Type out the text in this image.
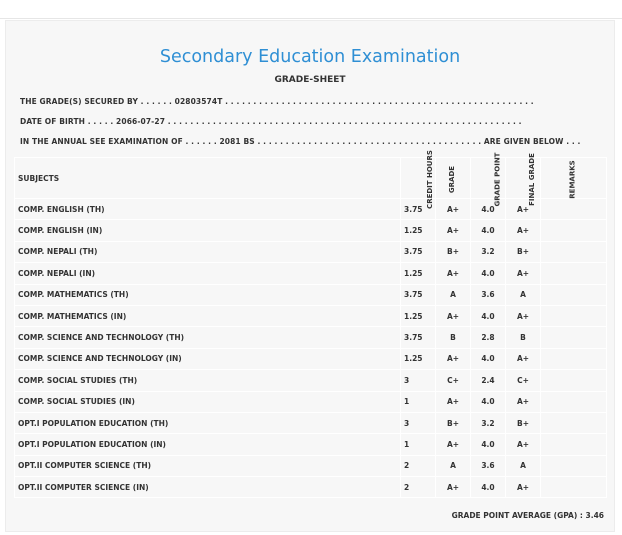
Secondary Education Examination
GRADE-SHEET
THE GRADE(S) SECURED BY . . . . . . 02803574T . . . . . . . . . . . . . . . . . . . . . . . . . . . . . . . . . . . . . . . . . . . . . . . . . . . . . . .
DATE OF BIRTH . . . . . 2066-07-27 . . . . . . . . . . . . . . . . . . . . . . . . . . . . . . . . . . . . . . . . . . . . . . . . . . . . . . . . . . . . . . .
IN THE ANNUAL SEE EXAMINATION OF . . . . . . 2081 BS . . . . . . . . . . . . . . . . . . . . . . . . . . . . . . . . . . . . . . . . ARE GIVEN BELOW . . .
SUBJECTS	CREDIT HOURS	GRADE	GRADE POINT	FINAL GRADE	REMARKS
COMP. ENGLISH (TH)	3.75	A+	4.0	A+	
COMP. ENGLISH (IN)	1.25	A+	4.0	A+	
COMP. NEPALI (TH)	3.75	B+	3.2	B+	
COMP. NEPALI (IN)	1.25	A+	4.0	A+	
COMP. MATHEMATICS (TH)	3.75	A	3.6	A	
COMP. MATHEMATICS (IN)	1.25	A+	4.0	A+	
COMP. SCIENCE AND TECHNOLOGY (TH)	3.75	B	2.8	B	
COMP. SCIENCE AND TECHNOLOGY (IN)	1.25	A+	4.0	A+	
COMP. SOCIAL STUDIES (TH)	3	C+	2.4	C+	
COMP. SOCIAL STUDIES (IN)	1	A+	4.0	A+	
OPT.I POPULATION EDUCATION (TH)	3	B+	3.2	B+	
OPT.I POPULATION EDUCATION (IN)	1	A+	4.0	A+	
OPT.II COMPUTER SCIENCE (TH)	2	A	3.6	A	
OPT.II COMPUTER SCIENCE (IN)	2	A+	4.0	A+	
GRADE POINT AVERAGE (GPA) : 3.46
